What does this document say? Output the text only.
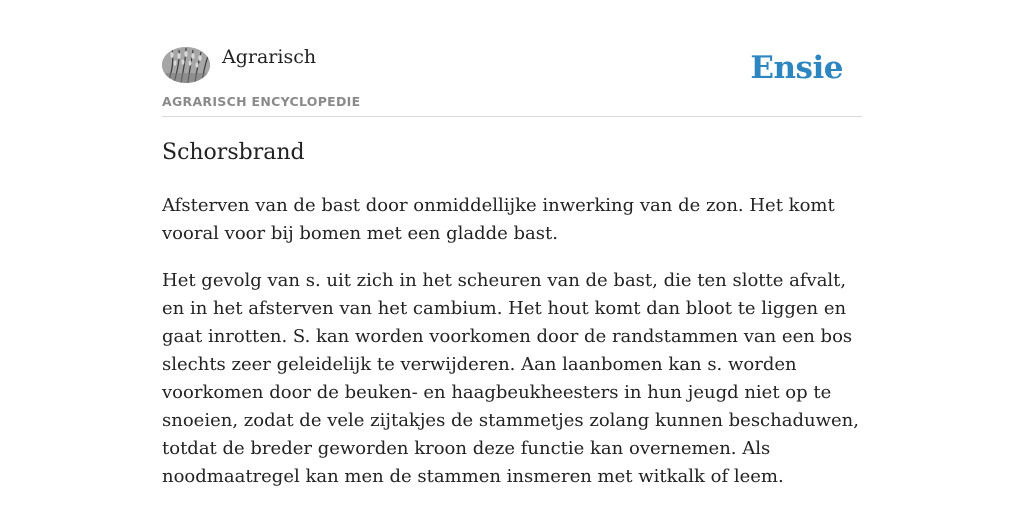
Agrarisch
AGRARISCH ENCYCLOPEDIE
Ensie
Schorsbrand

Afsterven van de bast door onmiddellijke inwerking van de zon. Het komt vooral voor bij bomen met een gladde bast.

Het gevolg van s. uit zich in het scheuren van de bast, die ten slotte afvalt, en in het afsterven van het cambium. Het hout komt dan bloot te liggen en gaat inrotten. S. kan worden voorkomen door de randstammen van een bos slechts zeer geleidelijk te verwijderen. Aan laanbomen kan s. worden voorkomen door de beuken- en haagbeukheesters in hun jeugd niet op te snoeien, zodat de vele zijtakjes de stammetjes zolang kunnen beschaduwen, totdat de breder geworden kroon deze functie kan overnemen. Als noodmaatregel kan men de stammen insmeren met witkalk of leem.
